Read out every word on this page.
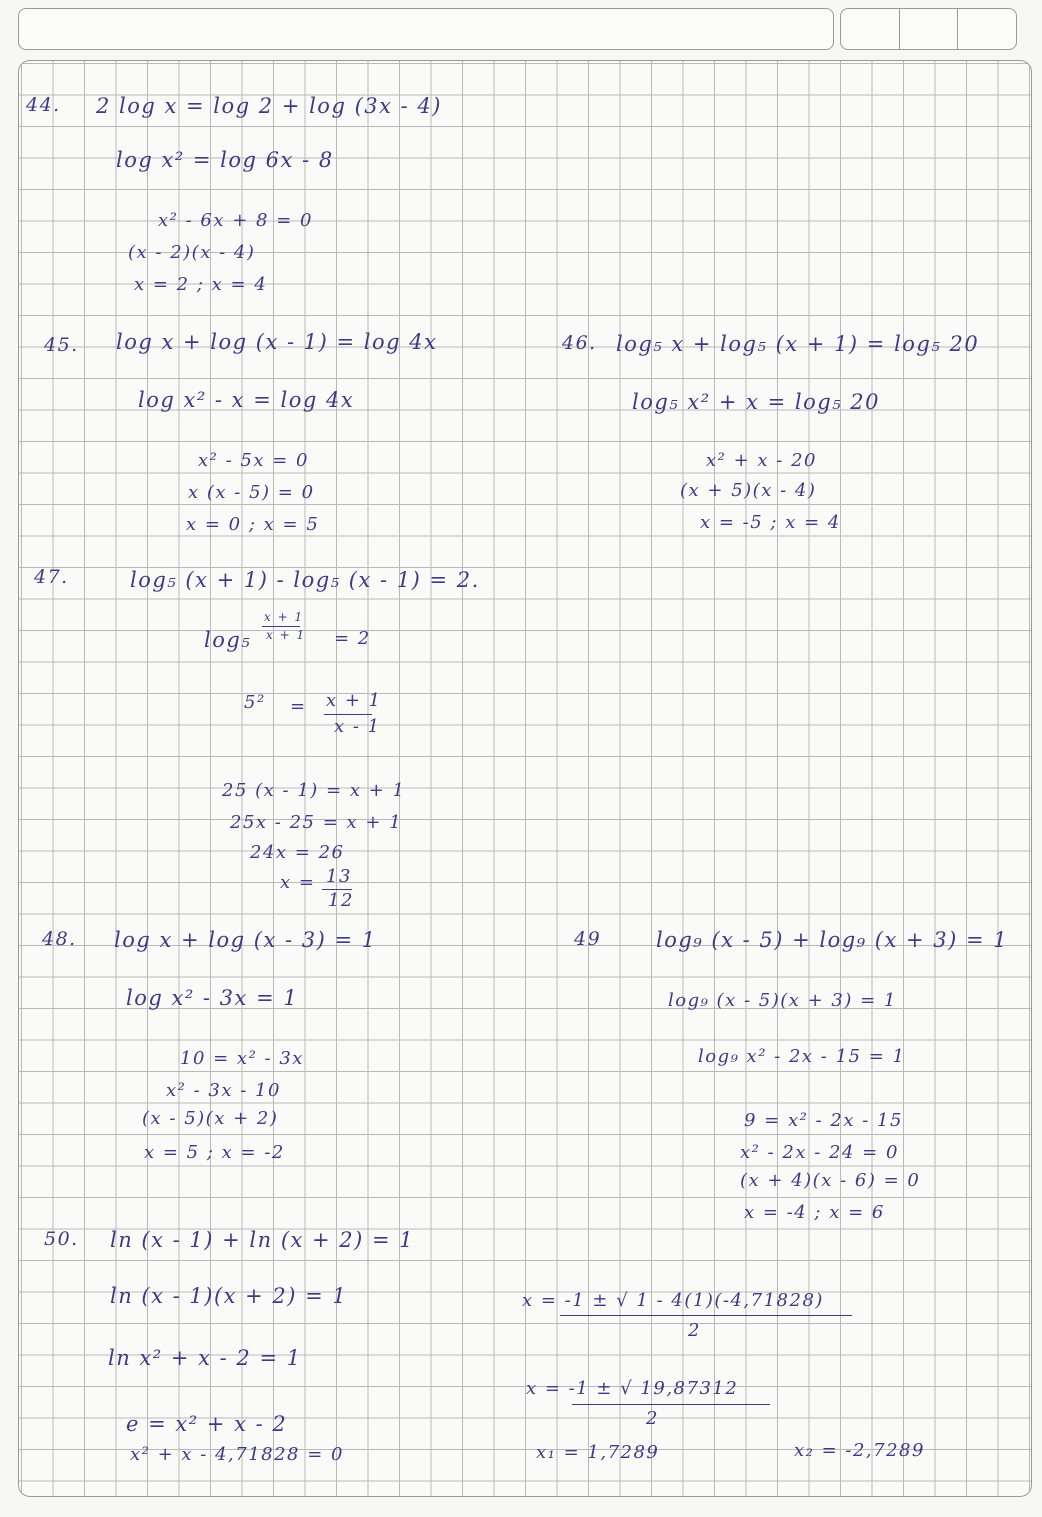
44. 2 log x = log 2 + log (3x - 4)
log x² = log 6x - 8
x² - 6x + 8 = 0
(x - 2)(x - 4)
x = 2 ; x = 4
45. log x + log (x - 1) = log 4x
log x² - x = log 4x
x² - 5x = 0
x (x - 5) = 0
x = 0 ; x = 5
46. log₅ x + log₅ (x + 1) = log₅ 20
log₅ x² + x = log₅ 20
x² + x - 20
(x + 5)(x - 4)
x = -5 ; x = 4
47.	log₅ (x + 1) - log₅ (x - 1) = 2.
log₅
x + 1
x + 1 = 2
5² = x + 1
x - 1
25 (x - 1) = x + 1
25x - 25 = x + 1
24x = 26
x = 13
12
48. log x + log (x - 3) = 1
log x² - 3x = 1
10 = x² - 3x
x² - 3x - 10
(x - 5)(x + 2)
x = 5 ; x = -2
49	log₉ (x - 5) + log₉ (x + 3) = 1
log₉ (x - 5)(x + 3) = 1
log₉ x² - 2x - 15 = 1
9 = x² - 2x - 15
x² - 2x - 24 = 0
(x + 4)(x - 6) = 0
x = -4 ; x = 6
50. ln (x - 1) + ln (x + 2) = 1
ln (x - 1)(x + 2) = 1
ln x² + x - 2 = 1
e = x² + x - 2
x² + x - 4,71828 = 0
x = -1 ± √ 1 - 4(1)(-4,71828)
2
x = -1 ± √ 19,87312
2
x₁ = 1,7289	x₂ = -2,7289
